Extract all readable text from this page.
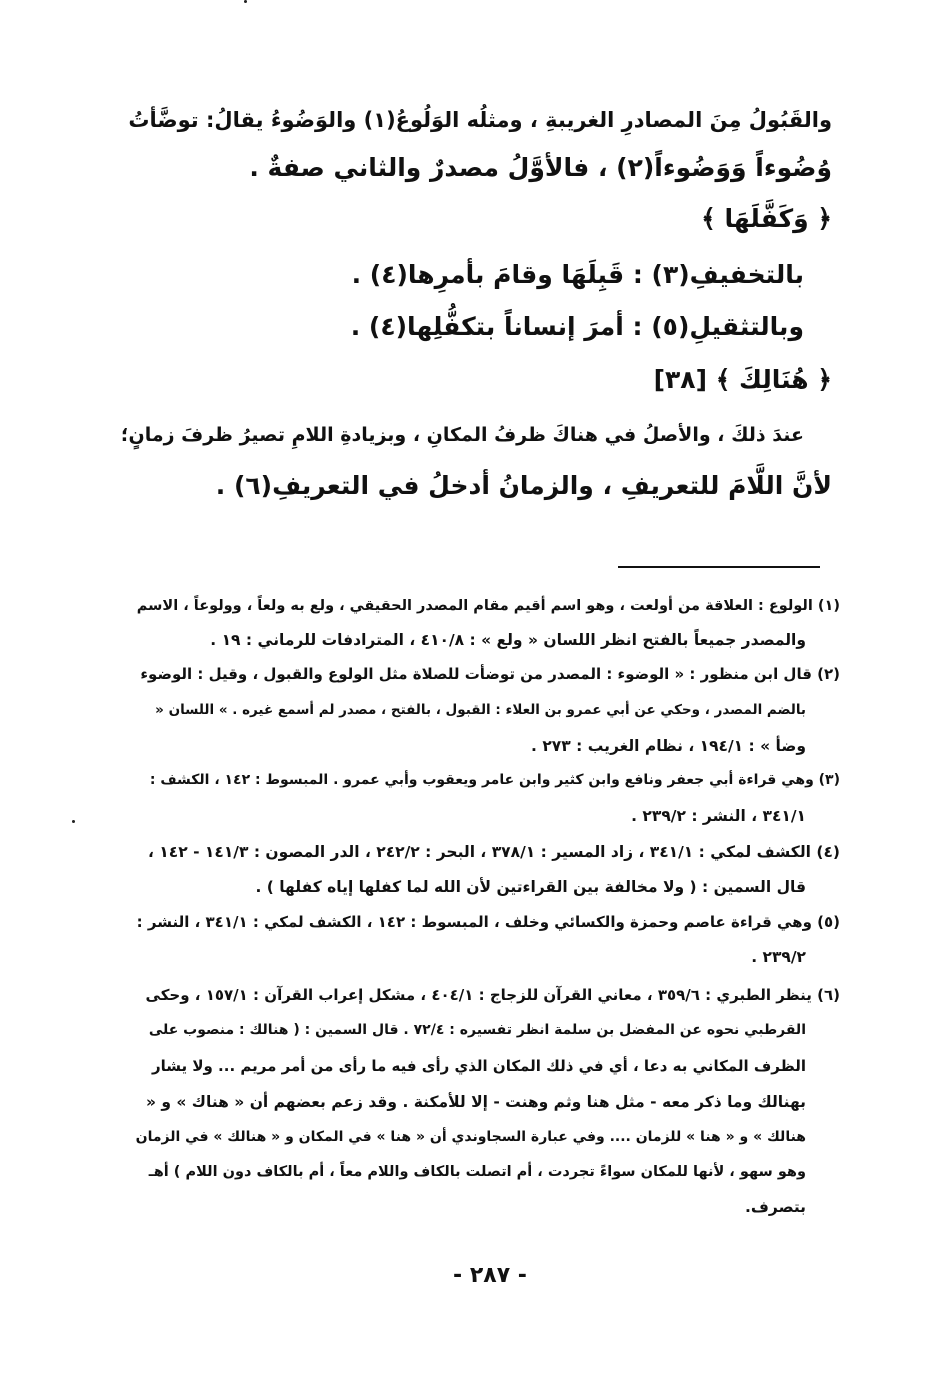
والقَبُولُ مِنَ المصادرِ الغريبةِ ، ومثلُه الوَلُوعُ(١) والوَضُوءُ يقالُ: توضَّأتُ
وُضُوءاً وَوَضُوءاً(٢) ، فالأوَّلُ مصدرٌ والثاني صفةٌ .
﴿ وَكَفَّلَهَا ﴾
بالتخفيفِ(٣) : قَبِلَهَا وقامَ بأمرِها(٤) .
وبالتثقيلِ(٥) : أمرَ إنساناً بتكفُّلِها(٤) .
﴿ هُنَالِكَ ﴾ [٣٨]
عندَ ذلكَ ، والأصلُ في هناكَ ظرفُ المكانِ ، وبزيادةِ اللامِ تصيرُ ظرفَ زمانٍ؛
لأنَّ اللَّامَ للتعريفِ ، والزمانُ أدخلُ في التعريفِ(٦) .
(١) الولوع : العلاقة من أولعت ، وهو اسم أقيم مقام المصدر الحقيقي ، ولع به ولعاً ، وولوعاً ، الاسم
والمصدر جميعاً بالفتح انظر اللسان « ولع » : ٤١٠/٨ ، المترادفات للرماني : ١٩ .
(٢) قال ابن منظور : « الوضوء : المصدر من توضأت للصلاة مثل الولوع والقبول ، وقيل : الوضوء
بالضم المصدر ، وحكي عن أبي عمرو بن العلاء : القبول ، بالفتح ، مصدر لم أسمع غيره . » اللسان «
وضأ » : ١٩٤/١ ، نظام الغريب : ٢٧٣ .
(٣) وهي قراءة أبي جعفر ونافع وابن كثير وابن عامر ويعقوب وأبي عمرو . المبسوط : ١٤٢ ، الكشف :
٣٤١/١ ، النشر : ٢٣٩/٢ .
(٤) الكشف لمكي : ٣٤١/١ ، زاد المسير : ٣٧٨/١ ، البحر : ٢٤٢/٢ ، الدر المصون : ١٤١/٣ - ١٤٢ ،
قال السمين : ( ولا مخالفة بين القراءتين لأن الله لما كفلها إياه كفلها ) .
(٥) وهي قراءة عاصم وحمزة والكسائي وخلف ، المبسوط : ١٤٢ ، الكشف لمكي : ٣٤١/١ ، النشر :
٢٣٩/٢ .
(٦) ينظر الطبري : ٣٥٩/٦ ، معاني القرآن للزجاج : ٤٠٤/١ ، مشكل إعراب القرآن : ١٥٧/١ ، وحكى
القرطبي نحوه عن المفضل بن سلمة انظر تفسيره : ٧٢/٤ . قال السمين : ( هنالك : منصوب على
الظرف المكاني به دعا ، أي في ذلك المكان الذي رأى فيه ما رأى من أمر مريم ... ولا يشار
بهنالك وما ذكر معه - مثل هنا وثم وهنت - إلا للأمكنة . وقد زعم بعضهم أن « هناك » و «
هنالك » و « هنا » للزمان .... وفي عبارة السجاوندي أن « هنا » في المكان و « هنالك » في الزمان
وهو سهو ، لأنها للمكان سواءً تجردت ، أم اتصلت بالكاف واللام معاً ، أم بالكاف دون اللام ) أهـ
بتصرف.
- ٢٨٧ -
